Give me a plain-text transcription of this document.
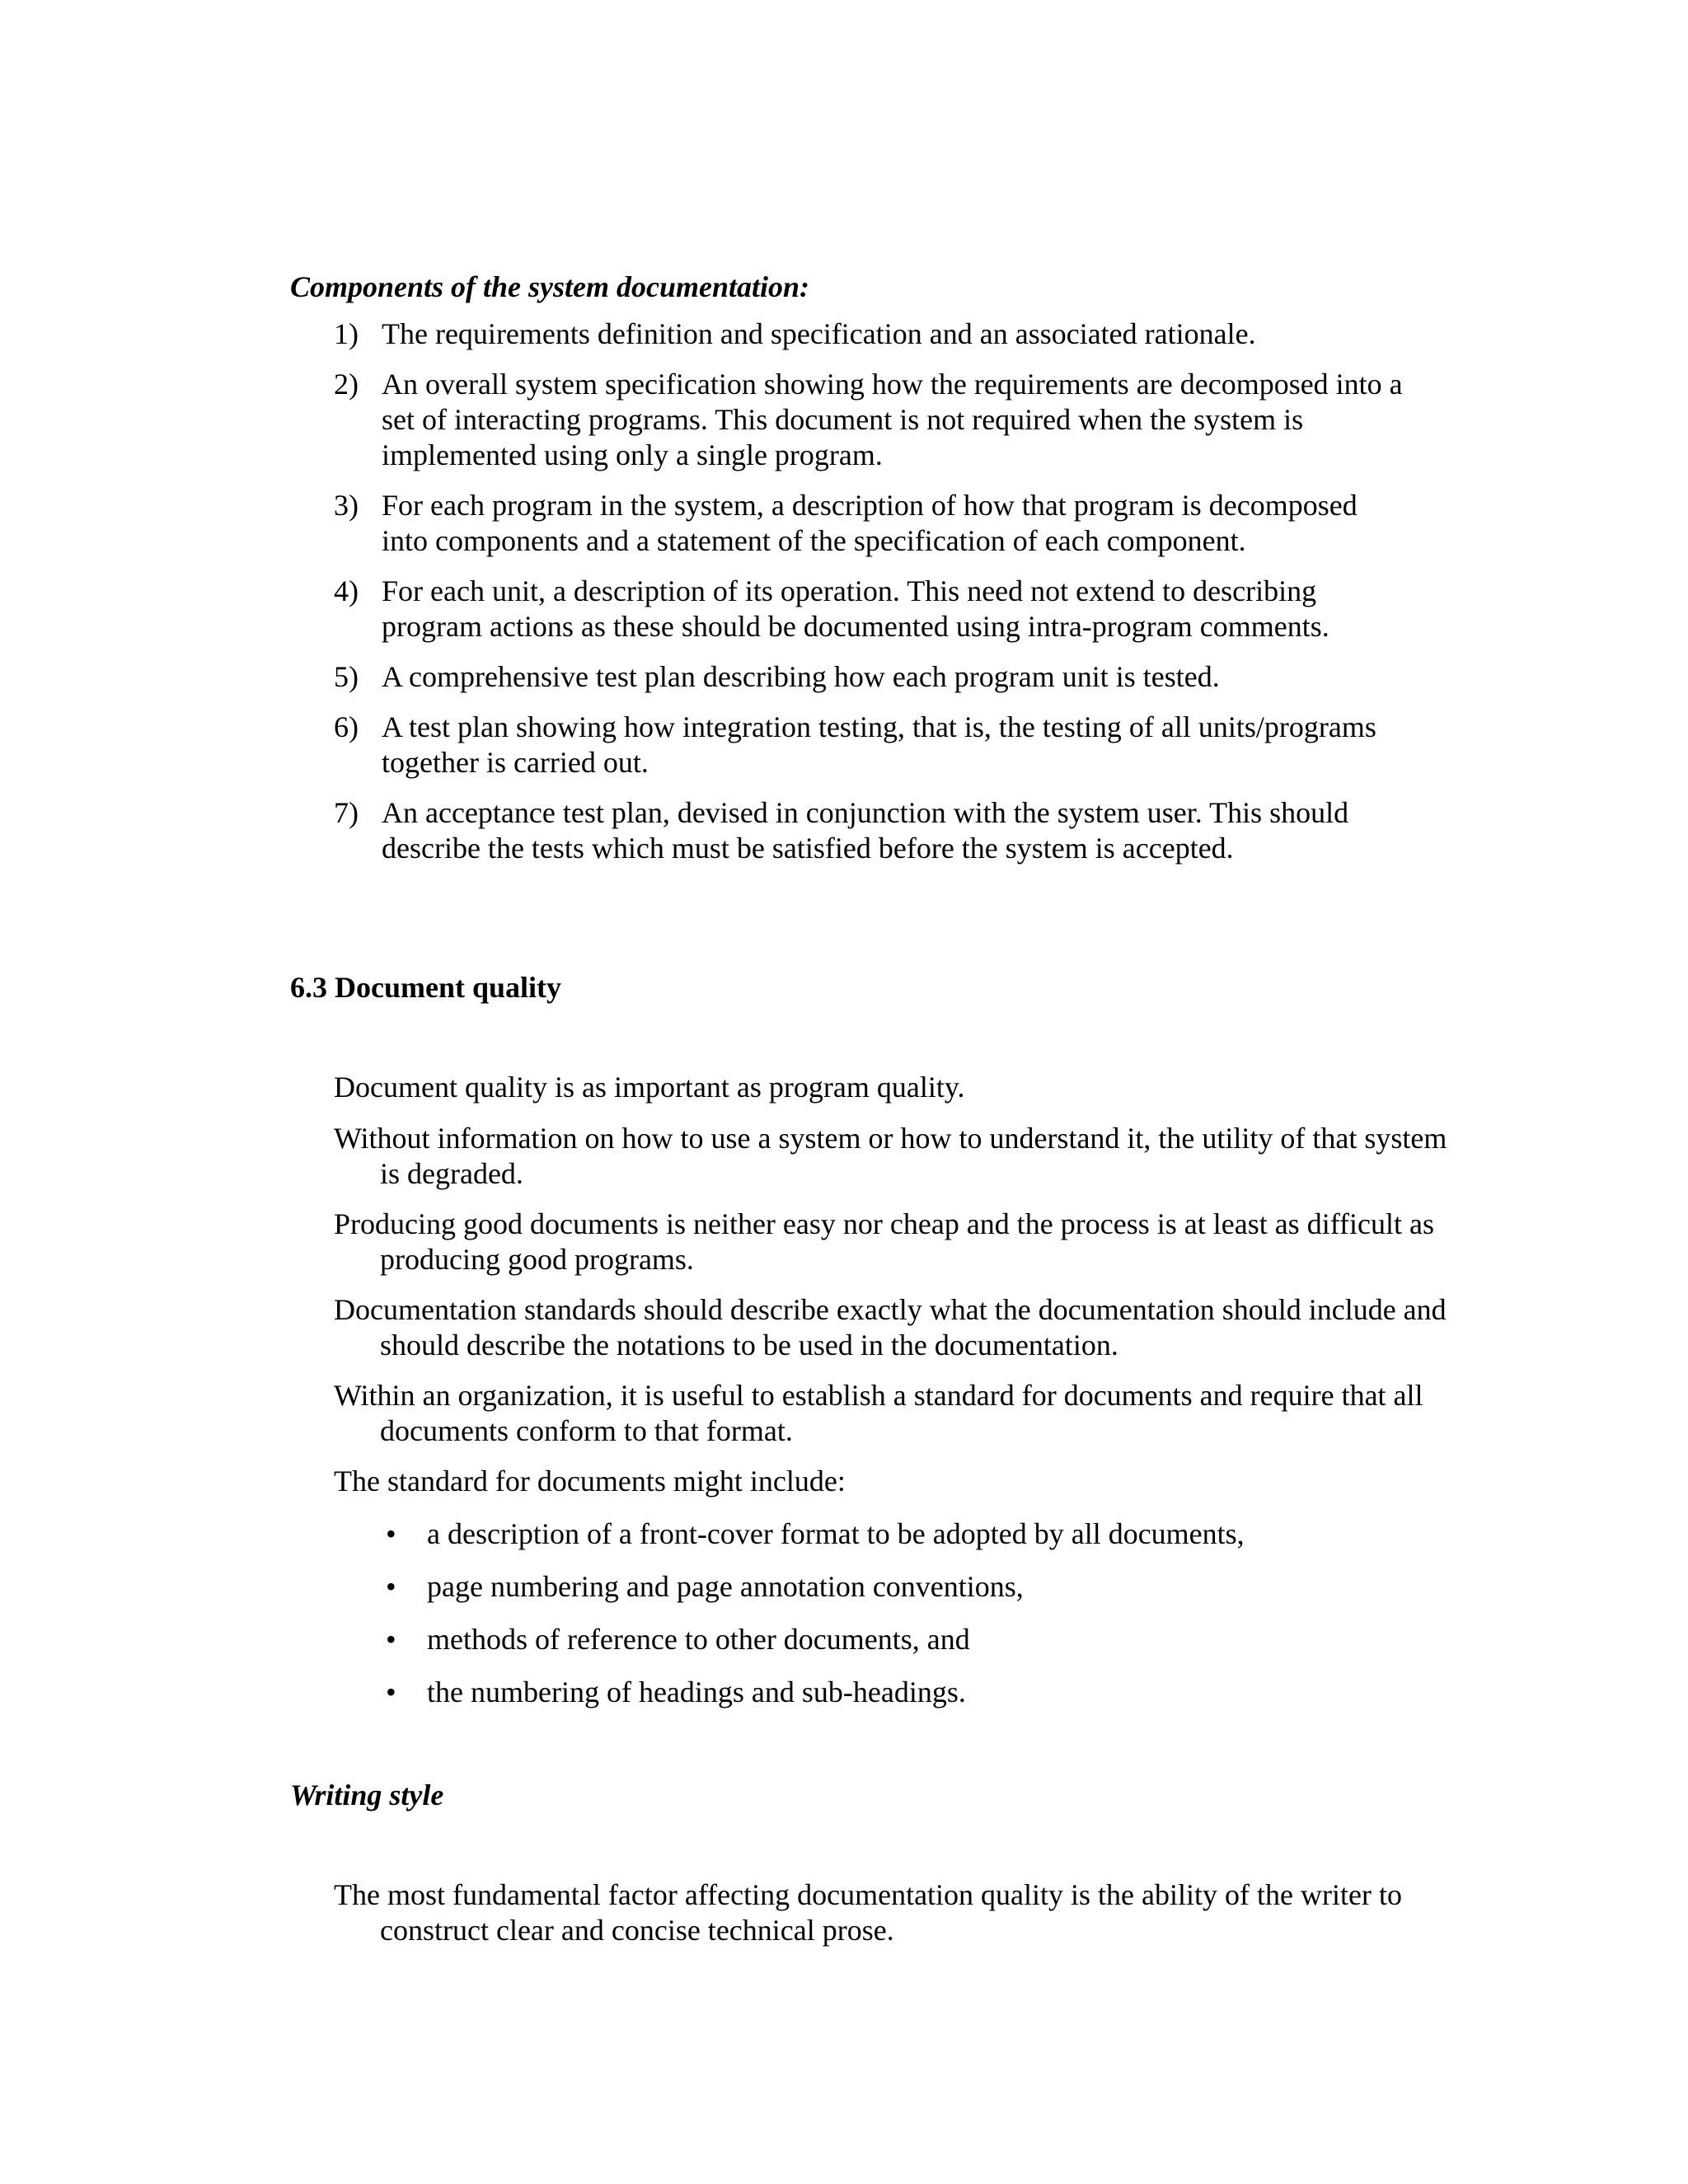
Components of the system documentation:
1) The requirements definition and specification and an associated rationale.
2) An overall system specification showing how the requirements are decomposed into a set of interacting programs. This document is not required when the system is implemented using only a single program.
3) For each program in the system, a description of how that program is decomposed into components and a statement of the specification of each component.
4) For each unit, a description of its operation. This need not extend to describing program actions as these should be documented using intra-program comments.
5) A comprehensive test plan describing how each program unit is tested.
6) A test plan showing how integration testing, that is, the testing of all units/programs together is carried out.
7) An acceptance test plan, devised in conjunction with the system user. This should describe the tests which must be satisfied before the system is accepted.
6.3 Document quality

Document quality is as important as program quality.

Without information on how to use a system or how to understand it, the utility of that system is degraded.

Producing good documents is neither easy nor cheap and the process is at least as difficult as producing good programs.

Documentation standards should describe exactly what the documentation should include and should describe the notations to be used in the documentation.

Within an organization, it is useful to establish a standard for documents and require that all documents conform to that format.

The standard for documents might include:

• a description of a front-cover format to be adopted by all documents,
• page numbering and page annotation conventions,
• methods of reference to other documents, and
• the numbering of headings and sub-headings.
Writing style

The most fundamental factor affecting documentation quality is the ability of the writer to construct clear and concise technical prose.
